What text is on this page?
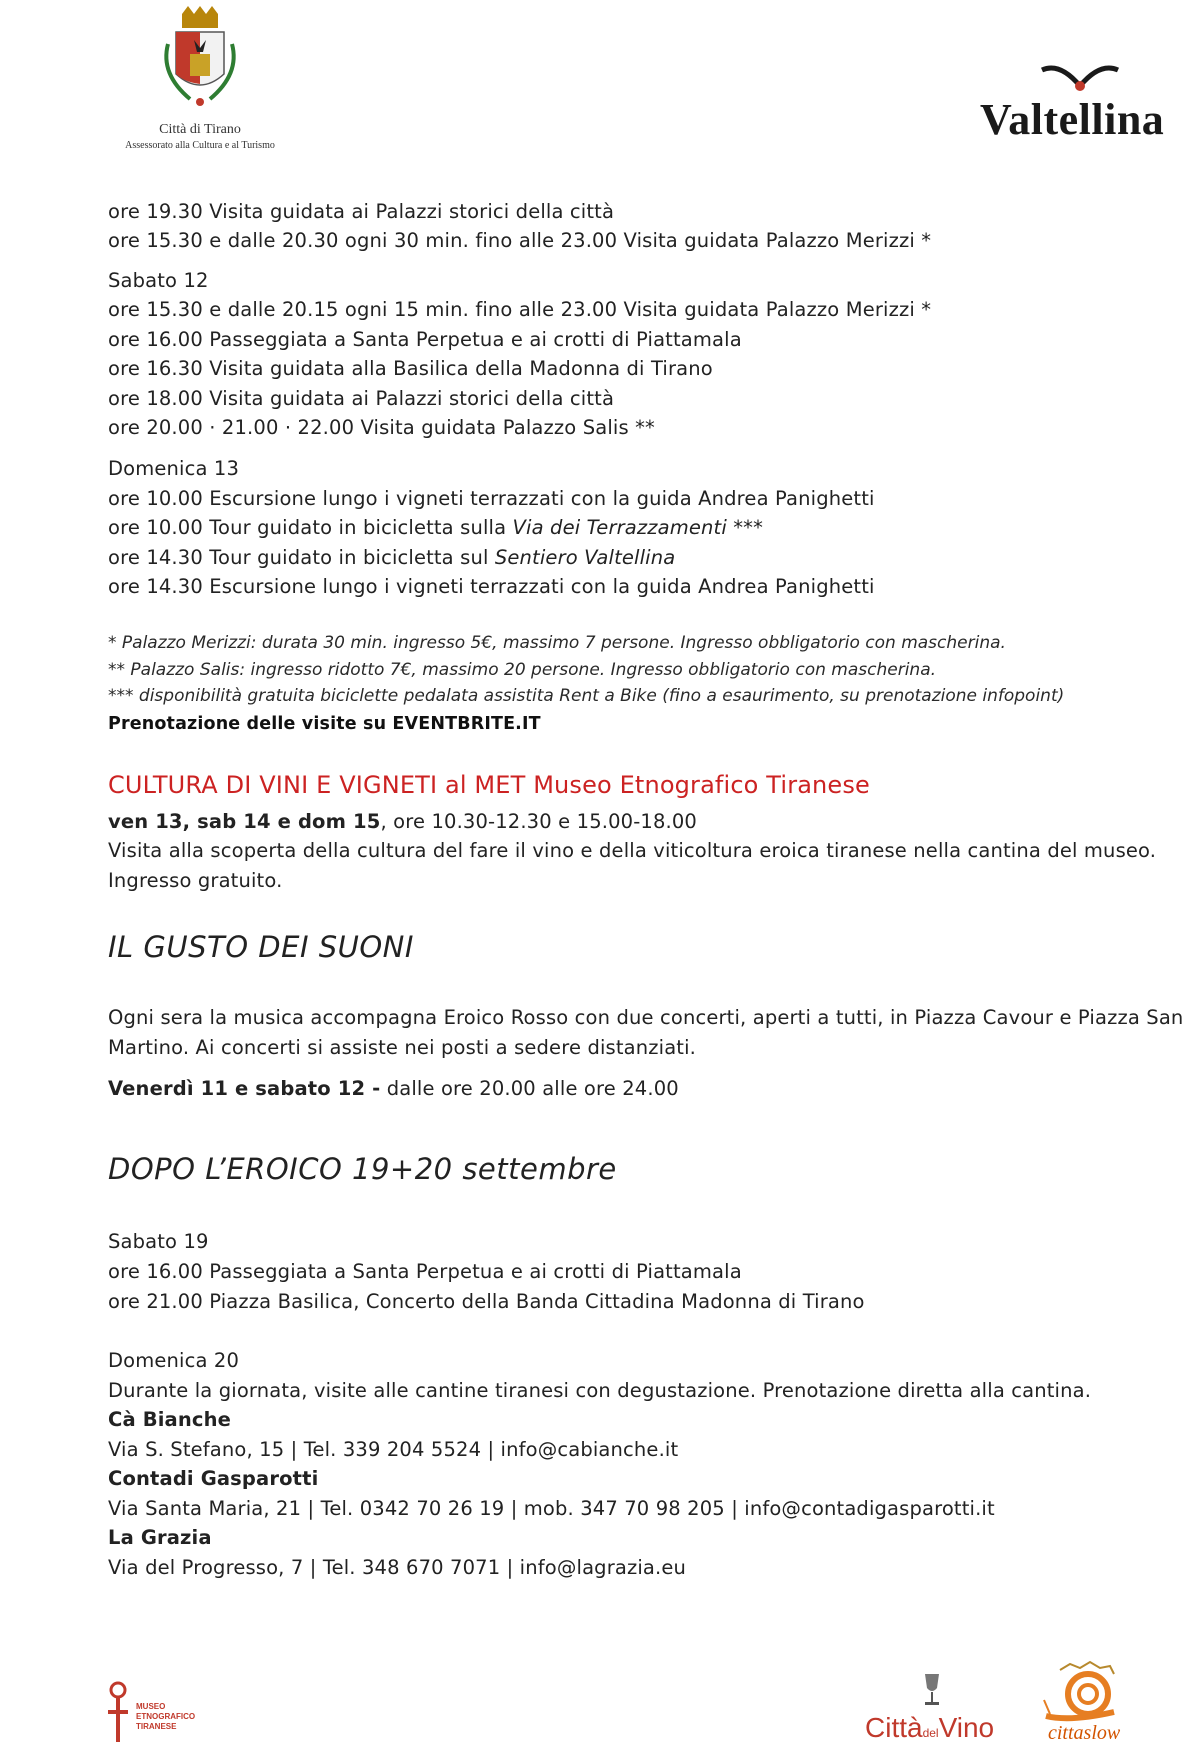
Città di Tirano
Assessorato alla Cultura e al Turismo
Valtellina
ore 19.30 Visita guidata ai Palazzi storici della città
ore 15.30 e dalle 20.30 ogni 30 min. fino alle 23.00 Visita guidata Palazzo Merizzi *
Sabato 12
ore 15.30 e dalle 20.15 ogni 15 min. fino alle 23.00 Visita guidata Palazzo Merizzi *
ore 16.00 Passeggiata a Santa Perpetua e ai crotti di Piattamala
ore 16.30 Visita guidata alla Basilica della Madonna di Tirano
ore 18.00 Visita guidata ai Palazzi storici della città
ore 20.00 · 21.00 · 22.00 Visita guidata Palazzo Salis **
Domenica 13
ore 10.00 Escursione lungo i vigneti terrazzati con la guida Andrea Panighetti
ore 10.00 Tour guidato in bicicletta sulla Via dei Terrazzamenti ***
ore 14.30 Tour guidato in bicicletta sul Sentiero Valtellina
ore 14.30 Escursione lungo i vigneti terrazzati con la guida Andrea Panighetti
* Palazzo Merizzi: durata 30 min. ingresso 5€, massimo 7 persone. Ingresso obbligatorio con mascherina.
** Palazzo Salis: ingresso ridotto 7€, massimo 20 persone. Ingresso obbligatorio con mascherina.
*** disponibilità gratuita biciclette pedalata assistita Rent a Bike (fino a esaurimento, su prenotazione infopoint)
Prenotazione delle visite su EVENTBRITE.IT
CULTURA DI VINI E VIGNETI al MET Museo Etnografico Tiranese
ven 13, sab 14 e dom 15, ore 10.30-12.30 e 15.00-18.00
Visita alla scoperta della cultura del fare il vino e della viticoltura eroica tiranese nella cantina del museo. Ingresso gratuito.
IL GUSTO DEI SUONI
Ogni sera la musica accompagna Eroico Rosso con due concerti, aperti a tutti, in Piazza Cavour e Piazza San Martino. Ai concerti si assiste nei posti a sedere distanziati.
Venerdì 11 e sabato 12 - dalle ore 20.00 alle ore 24.00
DOPO L’EROICO 19+20 settembre
Sabato 19
ore 16.00 Passeggiata a Santa Perpetua e ai crotti di Piattamala
ore 21.00 Piazza Basilica, Concerto della Banda Cittadina Madonna di Tirano
Domenica 20
Durante la giornata, visite alle cantine tiranesi con degustazione. Prenotazione diretta alla cantina.
Cà Bianche
Via S. Stefano, 15 | Tel. 339 204 5524 | info@cabianche.it
Contadi Gasparotti
Via Santa Maria, 21 | Tel. 0342 70 26 19 | mob. 347 70 98 205 | info@contadigasparotti.it
La Grazia
Via del Progresso, 7 | Tel. 348 670 7071 | info@lagrazia.eu
MUSEO ETNOGRAFICO TIRANESE	CittàdelVino	cittaslow
